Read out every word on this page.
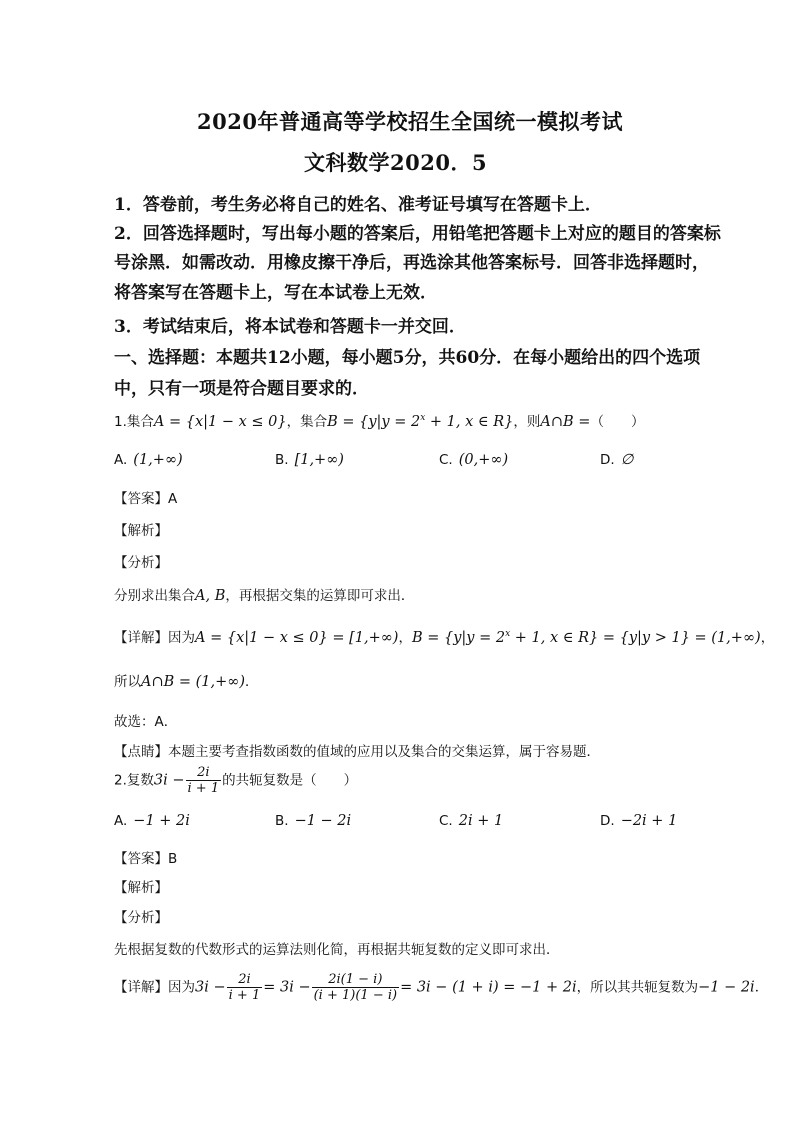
2020年普通高等学校招生全国统一模拟考试
文科数学2020．5
1．答卷前，考生务必将自己的姓名、准考证号填写在答题卡上．
2．回答选择题时，写出每小题的答案后，用铅笔把答题卡上对应的题目的答案标
号涂黑．如需改动．用橡皮擦干净后，再选涂其他答案标号．回答非选择题时，
将答案写在答题卡上，写在本试卷上无效．
3．考试结束后，将本试卷和答题卡一并交回．
一、选择题：本题共12小题，每小题5分，共60分．在每小题给出的四个选项
中，只有一项是符合题目要求的．
1.集合A = {x|1 − x ≤ 0}，集合$B = \{y|y = 2^x + 1$, x ∈ R}，则A∩B =（　　）
A. (1,+∞)	B. [1,+∞)	C. (0,+∞)	D. ∅
【答案】A
【解析】
【分析】
分别求出集合A, B，再根据交集的运算即可求出．
【详解】因为A = {x|1 − x ≤ 0} = [1,+∞)，$B = \{y|y = 2^x + 1$, x ∈ R} = {y|y > 1} = (1,+∞)，
所以A∩B = (1,+∞)．
故选：A．
【点睛】本题主要考查指数函数的值域的应用以及集合的交集运算，属于容易题．
2.复数$3i - \frac{2i}{i + 1}$ 的共轭复数是（　　）
A. −1 + 2i	B. −1 − 2i	C. 2i + 1	D. −2i + 1
【答案】B
【解析】
【分析】
先根据复数的代数形式的运算法则化简，再根据共轭复数的定义即可求出．
【详解】因为$3i - \frac{2i}{i + 1} = 3i - \frac{2i(1 - i)}{(i + 1)(1 - i)} = 3i - (1 + i) = -1 + 2i$，所以其共轭复数为−1 − 2i．
